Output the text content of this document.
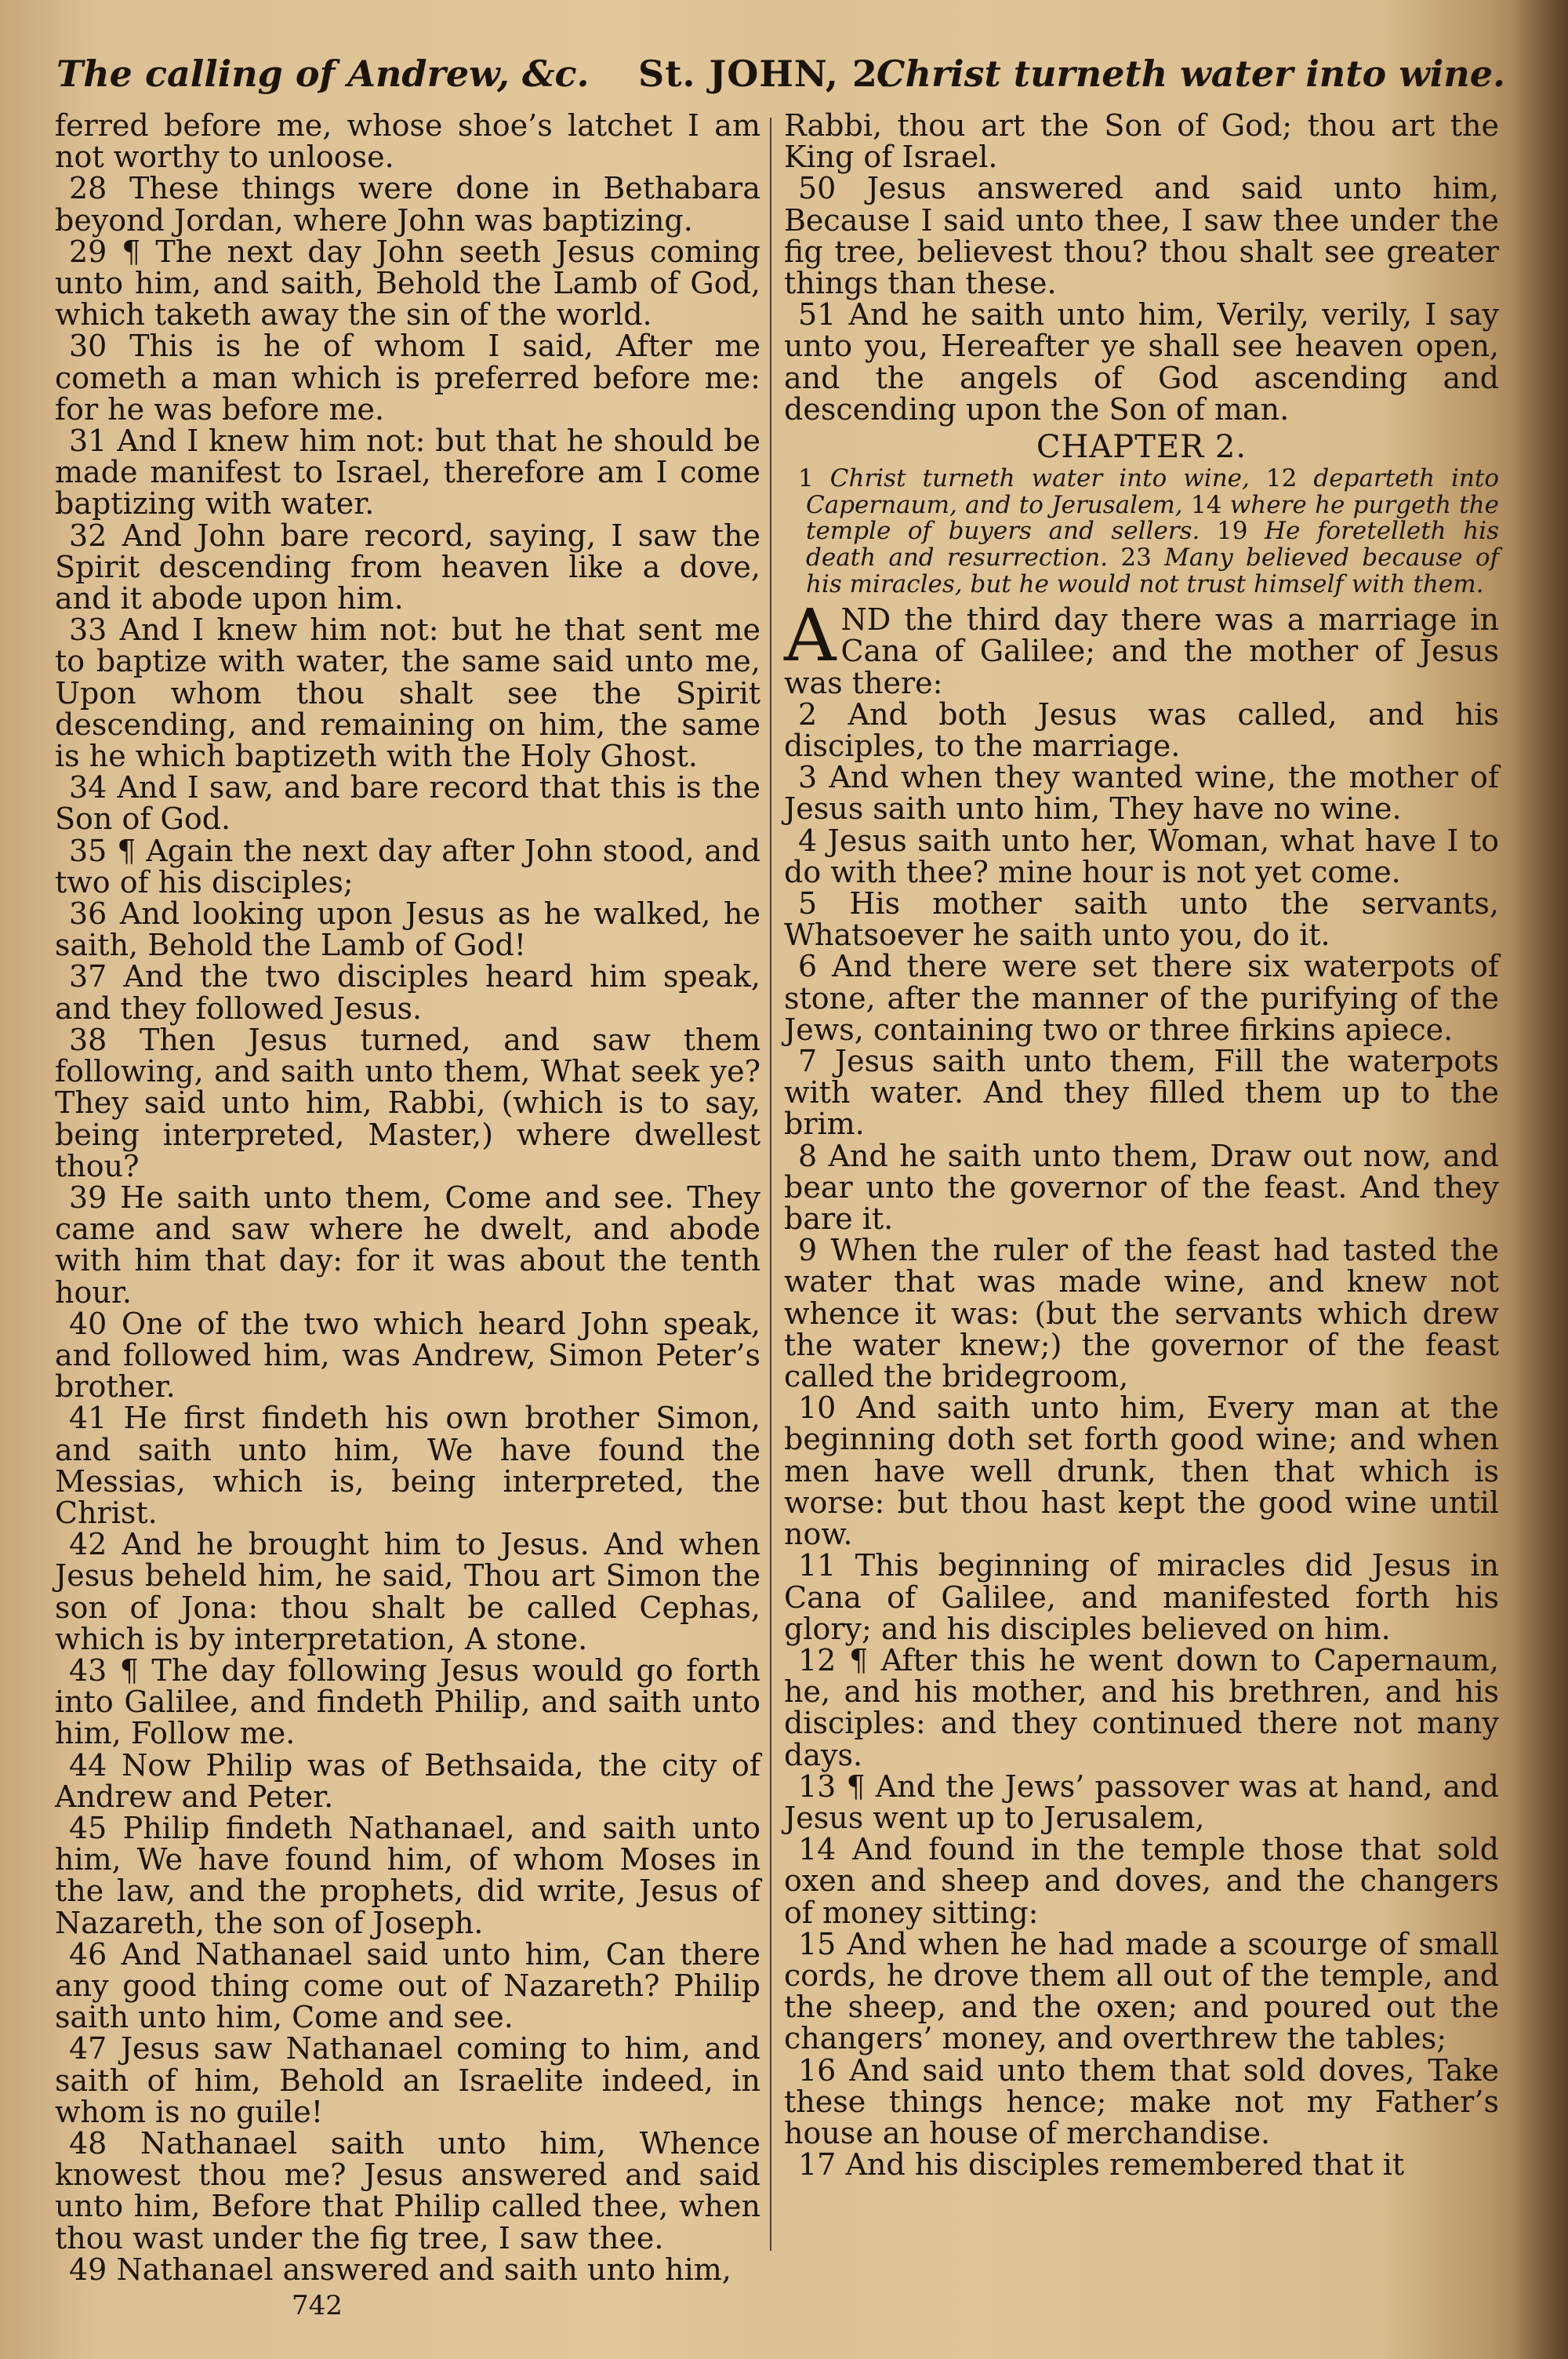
The calling of Andrew, &c. St. JOHN, 2.
Christ turneth water into wine.

ferred before me, whose shoe’s latchet I am not worthy to unloose.

28 These things were done in Bethabara beyond Jordan, where John was baptizing.

29 ¶ The next day John seeth Jesus coming unto him, and saith, Behold the Lamb of God, which taketh away the sin of the world.

30 This is he of whom I said, After me cometh a man which is preferred before me: for he was before me.

31 And I knew him not: but that he should be made manifest to Israel, therefore am I come baptizing with water.

32 And John bare record, saying, I saw the Spirit descending from heaven like a dove, and it abode upon him.

33 And I knew him not: but he that sent me to baptize with water, the same said unto me, Upon whom thou shalt see the Spirit descending, and remaining on him, the same is he which baptizeth with the Holy Ghost.

34 And I saw, and bare record that this is the Son of God.

35 ¶ Again the next day after John stood, and two of his disciples;

36 And looking upon Jesus as he walked, he saith, Behold the Lamb of God!

37 And the two disciples heard him speak, and they followed Jesus.

38 Then Jesus turned, and saw them following, and saith unto them, What seek ye? They said unto him, Rabbi, (which is to say, being interpreted, Master,) where dwellest thou?

39 He saith unto them, Come and see. They came and saw where he dwelt, and abode with him that day: for it was about the tenth hour.

40 One of the two which heard John speak, and followed him, was Andrew, Simon Peter’s brother.

41 He first findeth his own brother Simon, and saith unto him, We have found the Messias, which is, being interpreted, the Christ.

42 And he brought him to Jesus. And when Jesus beheld him, he said, Thou art Simon the son of Jona: thou shalt be called Cephas, which is by interpretation, A stone.

43 ¶ The day following Jesus would go forth into Galilee, and findeth Philip, and saith unto him, Follow me.

44 Now Philip was of Bethsaida, the city of Andrew and Peter.

45 Philip findeth Nathanael, and saith unto him, We have found him, of whom Moses in the law, and the prophets, did write, Jesus of Nazareth, the son of Joseph.

46 And Nathanael said unto him, Can there any good thing come out of Nazareth? Philip saith unto him, Come and see.

47 Jesus saw Nathanael coming to him, and saith of him, Behold an Israelite indeed, in whom is no guile!

48 Nathanael saith unto him, Whence knowest thou me? Jesus answered and said unto him, Before that Philip called thee, when thou wast under the fig tree, I saw thee.

49 Nathanael answered and saith unto him,

Rabbi, thou art the Son of God; thou art the King of Israel.

50 Jesus answered and said unto him, Because I said unto thee, I saw thee under the fig tree, believest thou? thou shalt see greater things than these.

51 And he saith unto him, Verily, verily, I say unto you, Hereafter ye shall see heaven open, and the angels of God ascending and descending upon the Son of man.

CHAPTER 2.

1 Christ turneth water into wine, 12 departeth into Capernaum, and to Jerusalem, 14 where he purgeth the temple of buyers and sellers. 19 He foretelleth his death and resurrection. 23 Many believed because of his miracles, but he would not trust himself with them.

AND the third day there was a marriage in Cana of Galilee; and the mother of Jesus was there:

2 And both Jesus was called, and his disciples, to the marriage.

3 And when they wanted wine, the mother of Jesus saith unto him, They have no wine.

4 Jesus saith unto her, Woman, what have I to do with thee? mine hour is not yet come.

5 His mother saith unto the servants, Whatsoever he saith unto you, do it.

6 And there were set there six waterpots of stone, after the manner of the purifying of the Jews, containing two or three firkins apiece.

7 Jesus saith unto them, Fill the waterpots with water. And they filled them up to the brim.

8 And he saith unto them, Draw out now, and bear unto the governor of the feast. And they bare it.

9 When the ruler of the feast had tasted the water that was made wine, and knew not whence it was: (but the servants which drew the water knew;) the governor of the feast called the bridegroom,

10 And saith unto him, Every man at the beginning doth set forth good wine; and when men have well drunk, then that which is worse: but thou hast kept the good wine until now.

11 This beginning of miracles did Jesus in Cana of Galilee, and manifested forth his glory; and his disciples believed on him.

12 ¶ After this he went down to Capernaum, he, and his mother, and his brethren, and his disciples: and they continued there not many days.

13 ¶ And the Jews’ passover was at hand, and Jesus went up to Jerusalem,

14 And found in the temple those that sold oxen and sheep and doves, and the changers of money sitting:

15 And when he had made a scourge of small cords, he drove them all out of the temple, and the sheep, and the oxen; and poured out the changers’ money, and overthrew the tables;

16 And said unto them that sold doves, Take these things hence; make not my Father’s house an house of merchandise.

17 And his disciples remembered that it

742
